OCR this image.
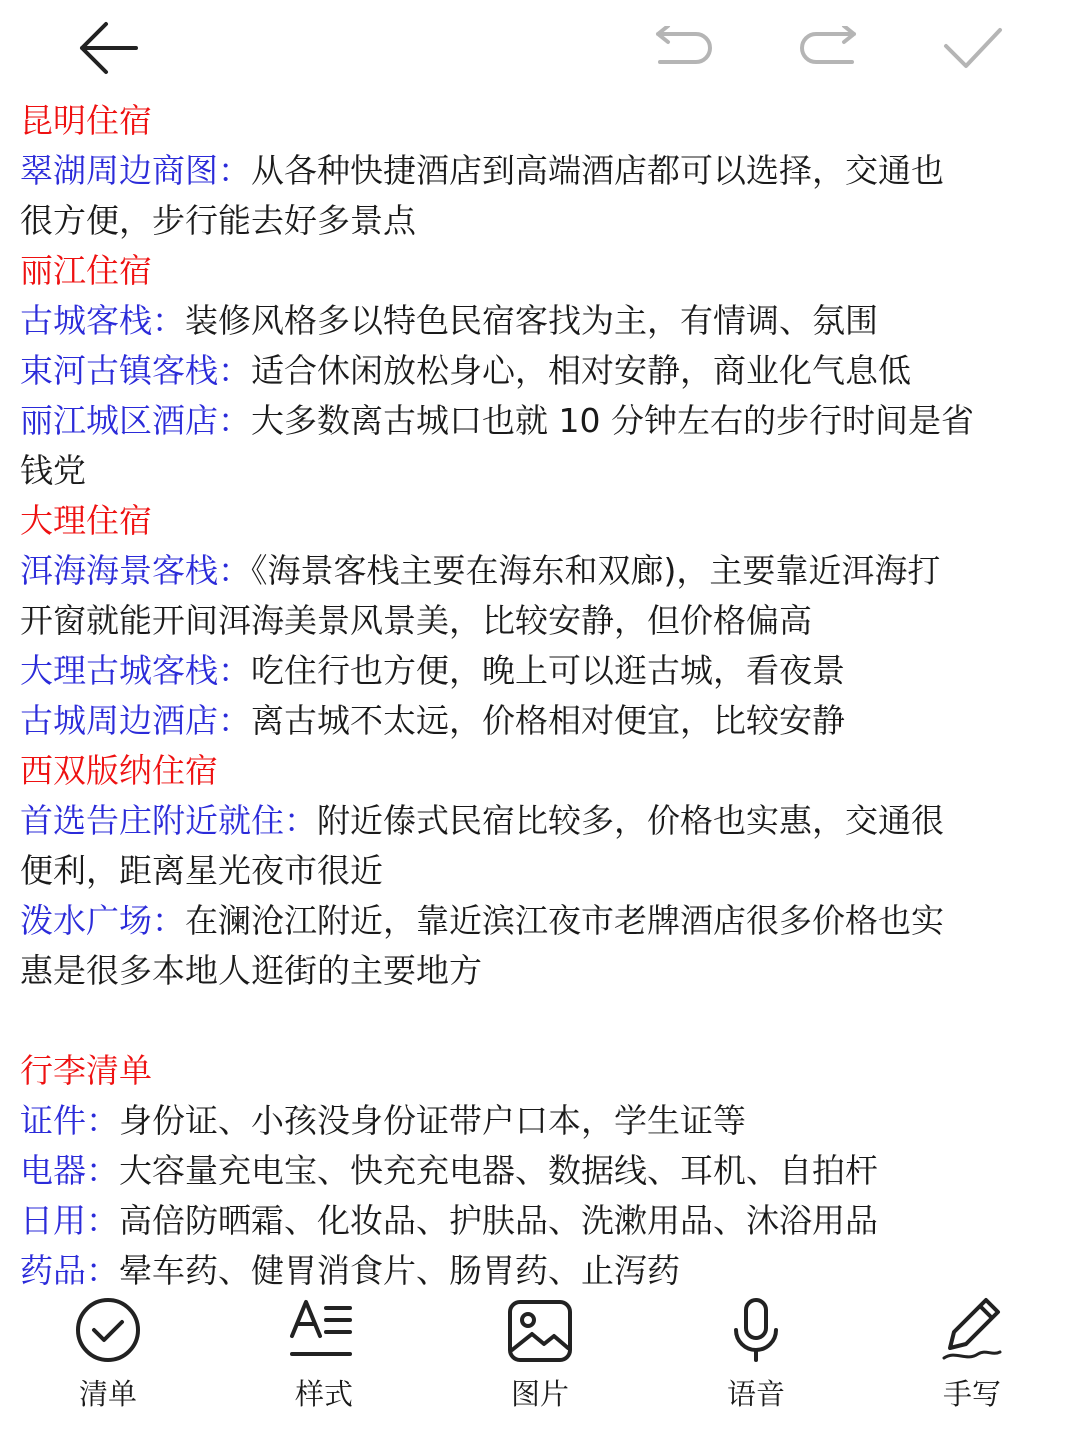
昆明住宿

翠湖周边商图：从各种快捷酒店到高端酒店都可以选择，交通也

很方便，步行能去好多景点

丽江住宿

古城客栈：装修风格多以特色民宿客找为主，有情调、氛围

束河古镇客栈：适合休闲放松身心，相对安静，商业化气息低

丽江城区酒店：大多数离古城口也就 10 分钟左右的步行时间是省

钱党

大理住宿

洱海海景客栈：《海景客栈主要在海东和双廊)，主要靠近洱海打

开窗就能开间洱海美景风景美，比较安静，但价格偏高

大理古城客栈：吃住行也方便，晚上可以逛古城，看夜景

古城周边酒店：离古城不太远，价格相对便宜，比较安静

西双版纳住宿

首选告庄附近就住：附近傣式民宿比较多，价格也实惠，交通很

便利，距离星光夜市很近

泼水广场：在澜沧江附近，靠近滨江夜市老牌酒店很多价格也实

惠是很多本地人逛街的主要地方

行李清单

证件：身份证、小孩没身份证带户口本，学生证等

电器：大容量充电宝、快充充电器、数据线、耳机、自拍杆

日用：高倍防晒霜、化妆品、护肤品、洗漱用品、沐浴用品

药品：晕车药、健胃消食片、肠胃药、止泻药

清单	样式	图片	语音	手写
